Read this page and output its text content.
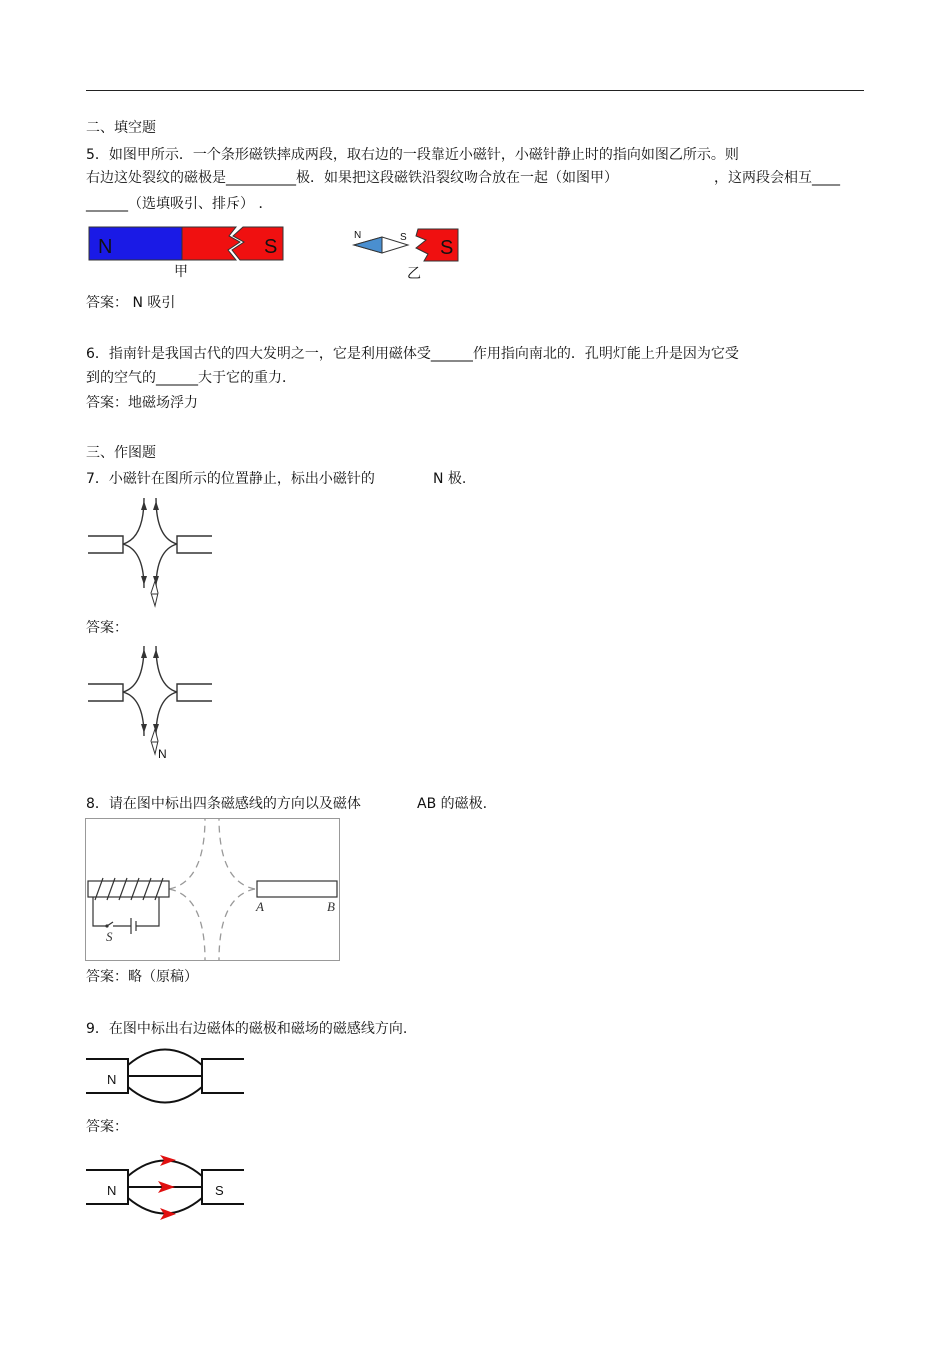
二、填空题
5．如图甲所示．一个条形磁铁摔成两段，取右边的一段靠近小磁针，小磁针静止时的指向如图乙所示。则
右边这处裂纹的磁极是__________极．如果把这段磁铁沿裂纹吻合放在一起（如图甲）	，这两段会相互____
______（选填吸引、排斥） ．
N	S
甲
N	S S
乙
答案： N 吸引
6．指南针是我国古代的四大发明之一，它是利用磁体受______作用指向南北的．孔明灯能上升是因为它受
到的空气的______大于它的重力．
答案：地磁场浮力
三、作图题
7．小磁针在图所示的位置静止，标出小磁针的	N 极.
答案：
N
8．请在图中标出四条磁感线的方向以及磁体	AB 的磁极.
S
A	B
答案：略（原稿）
9．在图中标出右边磁体的磁极和磁场的磁感线方向.
N
答案：
N	S
